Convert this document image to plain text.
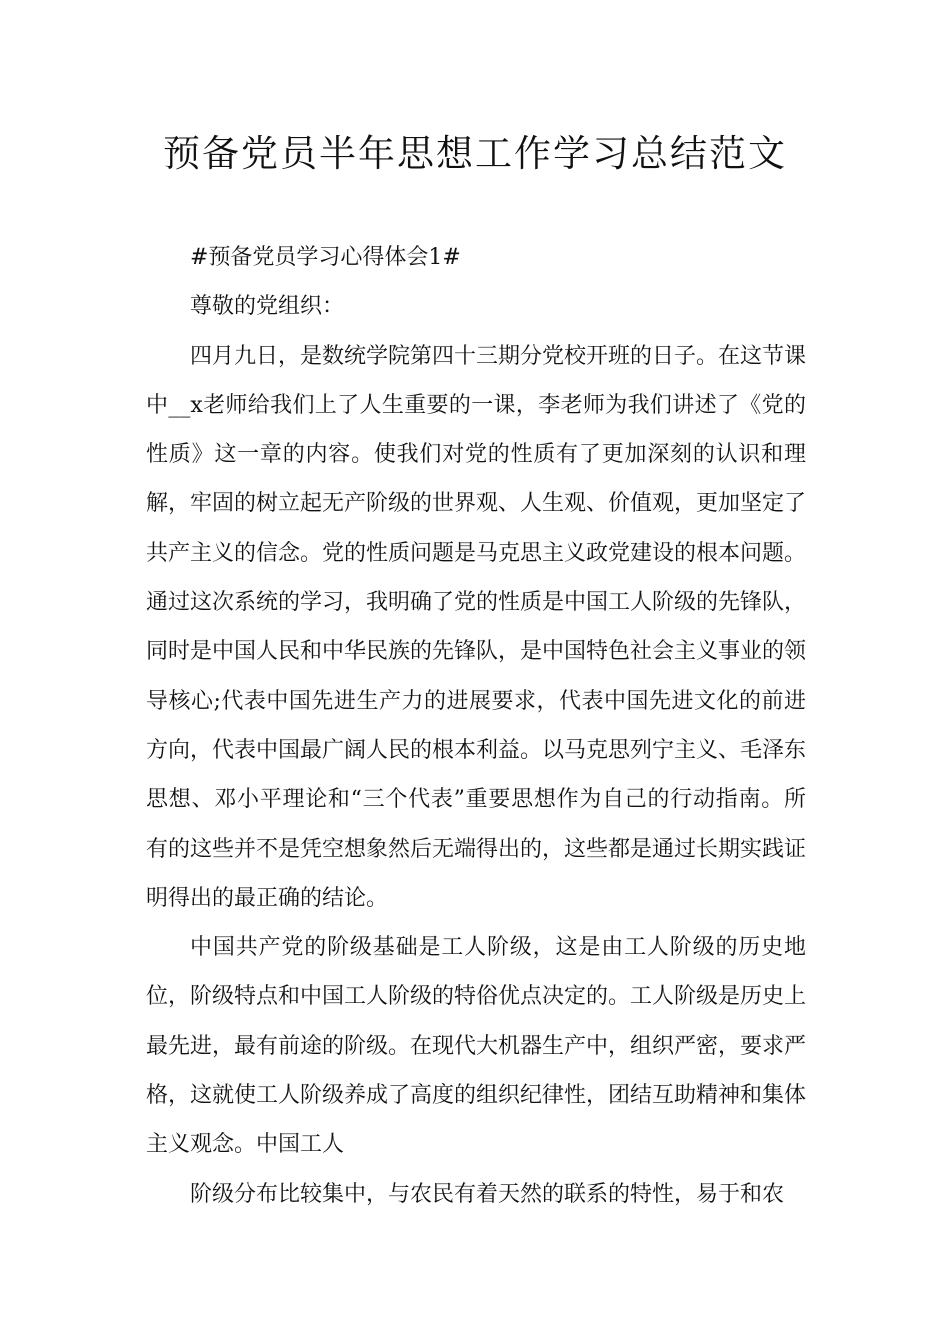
预备党员半年思想工作学习总结范文

#预备党员学习心得体会1#

尊敬的党组织：

四月九日，是数统学院第四十三期分党校开班的日子。在这节课中__x老师给我们上了人生重要的一课，李老师为我们讲述了《党的性质》这一章的内容。使我们对党的性质有了更加深刻的认识和理解，牢固的树立起无产阶级的世界观、人生观、价值观，更加坚定了共产主义的信念。党的性质问题是马克思主义政党建设的根本问题。通过这次系统的学习，我明确了党的性质是中国工人阶级的先锋队，同时是中国人民和中华民族的先锋队，是中国特色社会主义事业的领导核心;代表中国先进生产力的进展要求，代表中国先进文化的前进方向，代表中国最广阔人民的根本利益。以马克思列宁主义、毛泽东思想、邓小平理论和“三个代表”重要思想作为自己的行动指南。所有的这些并不是凭空想象然后无端得出的，这些都是通过长期实践证明得出的最正确的结论。

中国共产党的阶级基础是工人阶级，这是由工人阶级的历史地位，阶级特点和中国工人阶级的特俗优点决定的。工人阶级是历史上最先进，最有前途的阶级。在现代大机器生产中，组织严密，要求严格，这就使工人阶级养成了高度的组织纪律性，团结互助精神和集体主义观念。中国工人

阶级分布比较集中，与农民有着天然的联系的特性，易于和农
